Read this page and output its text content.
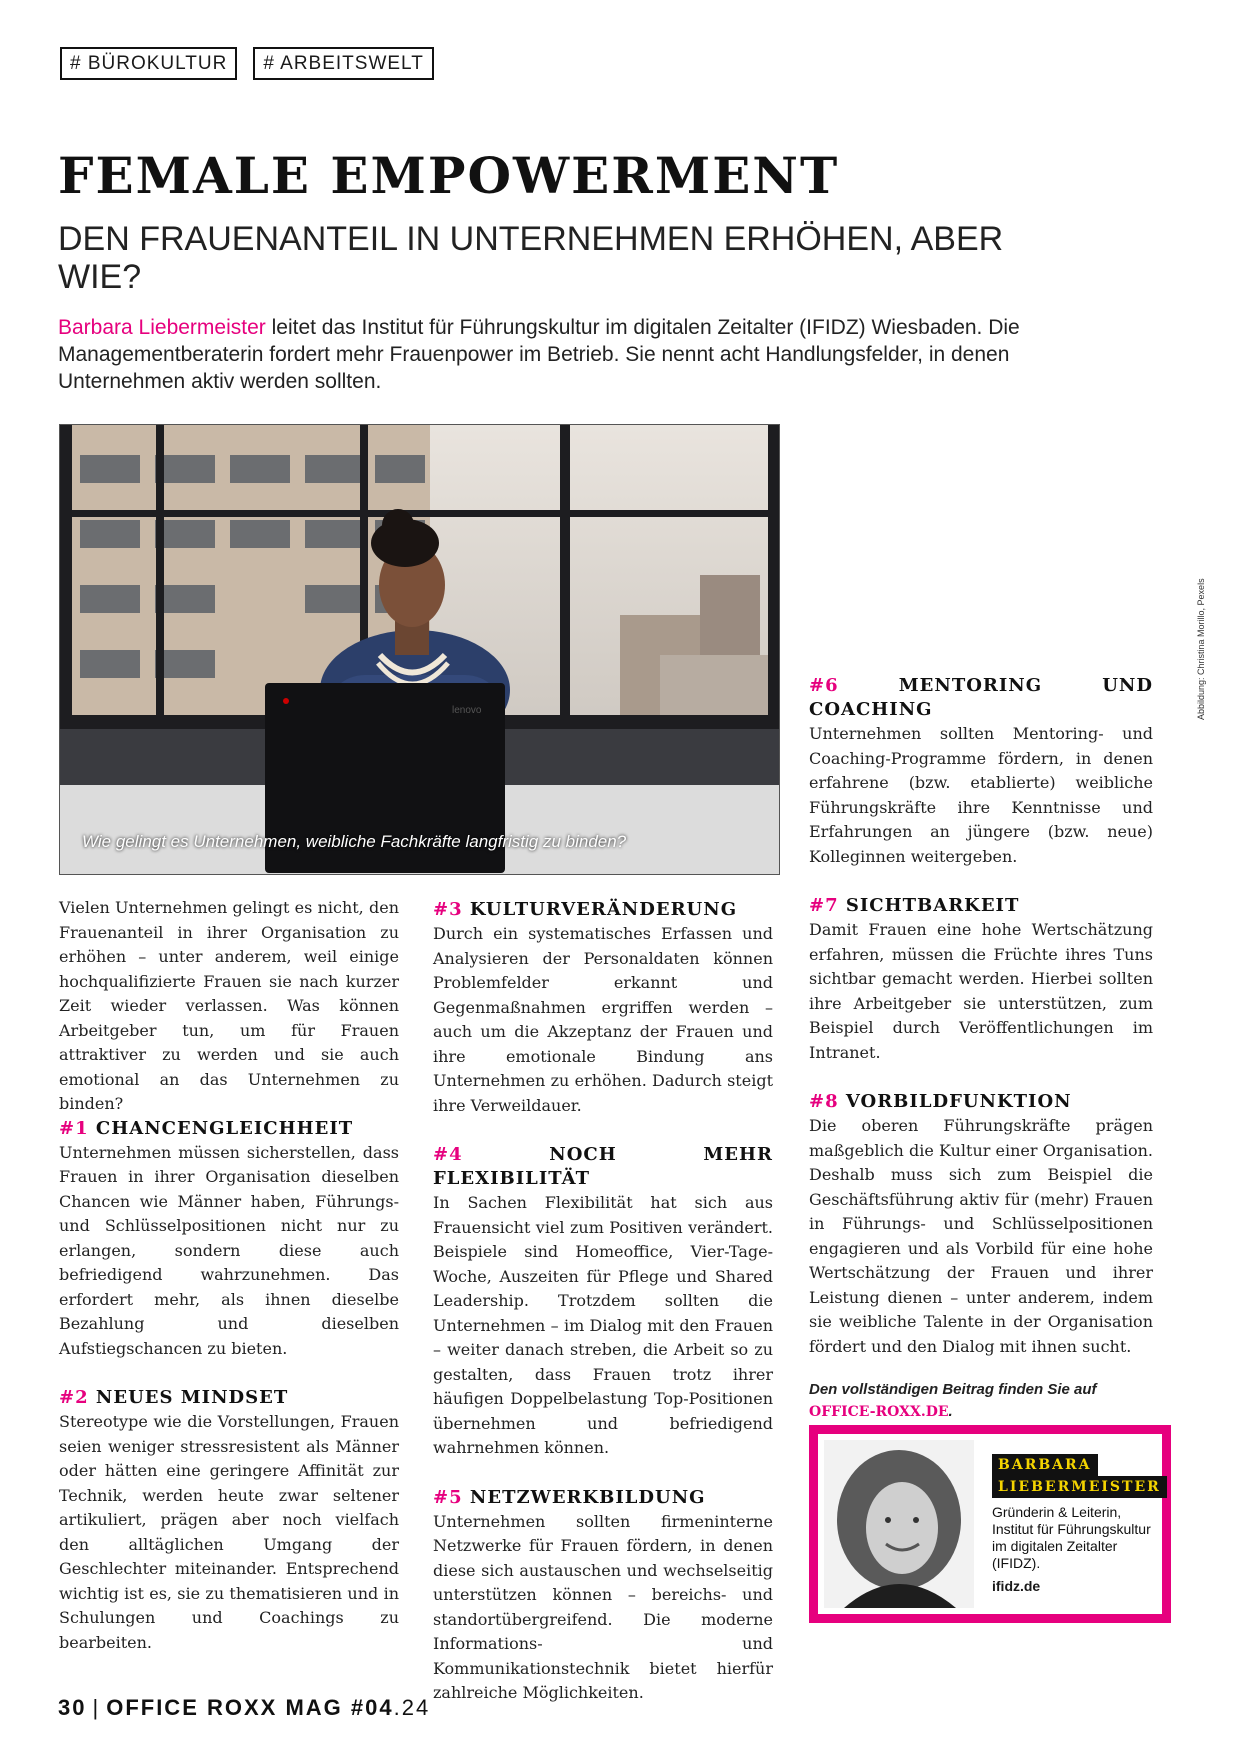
# BÜROKULTUR	# ARBEITSWELT
FEMALE EMPOWERMENT
DEN FRAUENANTEIL IN UNTERNEHMEN ERHÖHEN, ABER WIE?

Barbara Liebermeister leitet das Institut für Führungskultur im digitalen Zeitalter (IFIDZ) Wiesbaden. Die Managementberaterin fordert mehr Frauenpower im Betrieb. Sie nennt acht Handlungsfelder, in denen Unternehmen aktiv werden sollten.

lenovo
Wie gelingt es Unternehmen, weibliche Fachkräfte langfristig zu binden?
Abbildung: Christina Morillo, Pexels

Vielen Unternehmen gelingt es nicht, den Frauenanteil in ihrer Organisation zu erhöhen – unter anderem, weil einige hochqualifizierte Frauen sie nach kurzer Zeit wieder verlassen. Was können Arbeitgeber tun, um für Frauen attraktiver zu werden und sie auch emotional an das Unternehmen zu binden?

#1 CHANCENGLEICHHEIT

Unternehmen müssen sicherstellen, dass Frauen in ihrer Organisation dieselben Chancen wie Männer haben, Führungs- und Schlüsselpositionen nicht nur zu erlangen, sondern diese auch befriedigend wahrzunehmen. Das erfordert mehr, als ihnen dieselbe Bezahlung und dieselben Aufstiegschancen zu bieten.

#2 NEUES MINDSET

Stereotype wie die Vorstellungen, Frauen seien weniger stressresistent als Männer oder hätten eine geringere Affinität zur Technik, werden heute zwar seltener artikuliert, prägen aber noch vielfach den alltäglichen Umgang der Geschlechter miteinander. Entsprechend wichtig ist es, sie zu thematisieren und in Schulungen und Coachings zu bearbeiten.

#3 KULTURVERÄNDERUNG

Durch ein systematisches Erfassen und Analysieren der Personaldaten können Problemfelder erkannt und Gegenmaßnahmen ergriffen werden – auch um die Akzeptanz der Frauen und ihre emotionale Bindung ans Unternehmen zu erhöhen. Dadurch steigt ihre Verweildauer.

#4	NOCH MEHR FLEXIBILITÄT

In Sachen Flexibilität hat sich aus Frauensicht viel zum Positiven verändert. Beispiele sind Homeoffice, Vier-Tage-Woche, Auszeiten für Pflege und Shared Leadership. Trotzdem sollten die Unternehmen – im Dialog mit den Frauen – weiter danach streben, die Arbeit so zu gestalten, dass Frauen trotz ihrer häufigen Doppelbelastung Top-Positionen übernehmen und befriedigend wahrnehmen können.

#5 NETZWERKBILDUNG

Unternehmen sollten firmeninterne Netzwerke für Frauen fördern, in denen diese sich austauschen und wechselseitig unterstützen können – bereichs- und standortübergreifend. Die moderne Informations- und Kommunikationstechnik bietet hierfür zahlreiche Möglichkeiten.

#6	MENTORING UND COACHING

Unternehmen sollten Mentoring- und Coaching-Programme fördern, in denen erfahrene (bzw. etablierte) weibliche Führungskräfte ihre Kenntnisse und Erfahrungen an jüngere (bzw. neue) Kolleginnen weitergeben.

#7 SICHTBARKEIT

Damit Frauen eine hohe Wertschätzung erfahren, müssen die Früchte ihres Tuns sichtbar gemacht werden. Hierbei sollten ihre Arbeitgeber sie unterstützen, zum Beispiel durch Veröffentlichungen im Intranet.

#8 VORBILDFUNKTION

Die oberen Führungskräfte prägen maßgeblich die Kultur einer Organisation. Deshalb muss sich zum Beispiel die Geschäftsführung aktiv für (mehr) Frauen in Führungs- und Schlüsselpositionen engagieren und als Vorbild für eine hohe Wertschätzung der Frauen und ihrer Leistung dienen – unter anderem, indem sie weibliche Talente in der Organisation fördert und den Dialog mit ihnen sucht.

Den vollständigen Beitrag finden Sie auf
OFFICE-ROXX.DE.
BARBARA
LIEBERMEISTER
Gründerin & Leiterin, Institut für Führungskultur im digitalen Zeitalter (IFIDZ).
ifidz.de
30 | OFFICE ROXX MAG #04.24
